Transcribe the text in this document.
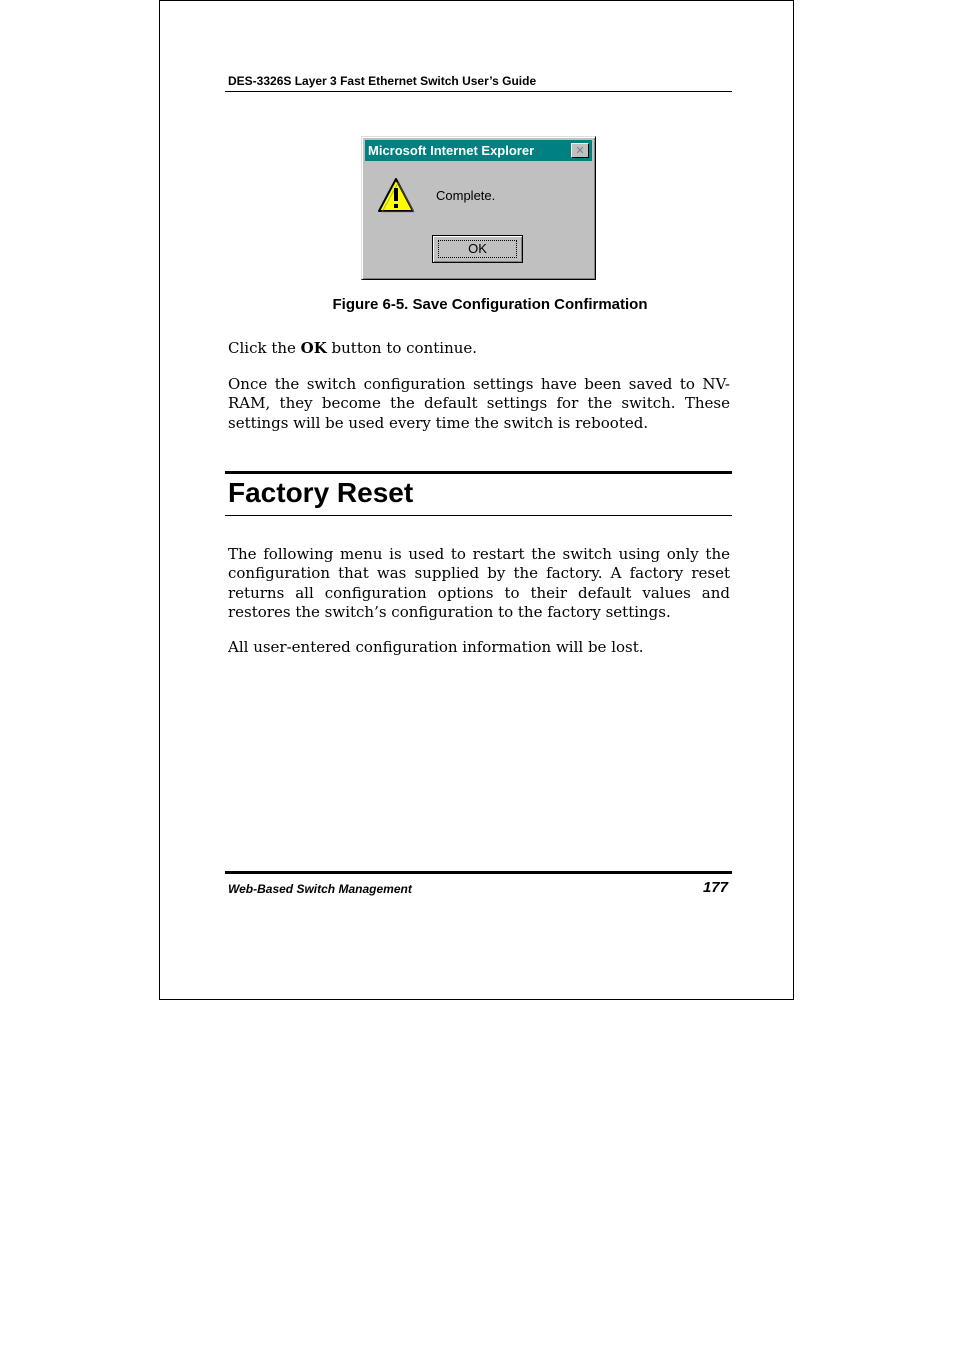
DES-3326S Layer 3 Fast Ethernet Switch User’s Guide
Microsoft Internet Explorer	✕
Complete.
OK
Figure 6-5. Save Configuration Confirmation

Click the OK button to continue.

Once the switch configuration settings have been saved to NV-RAM, they become the default settings for the switch. These settings will be used every time the switch is rebooted.

Factory Reset

The following menu is used to restart the switch using only the configuration that was supplied by the factory. A factory reset returns all configuration options to their default values and restores the switch’s configuration to the factory settings.

All user-entered configuration information will be lost.

Web-Based Switch Management	177
